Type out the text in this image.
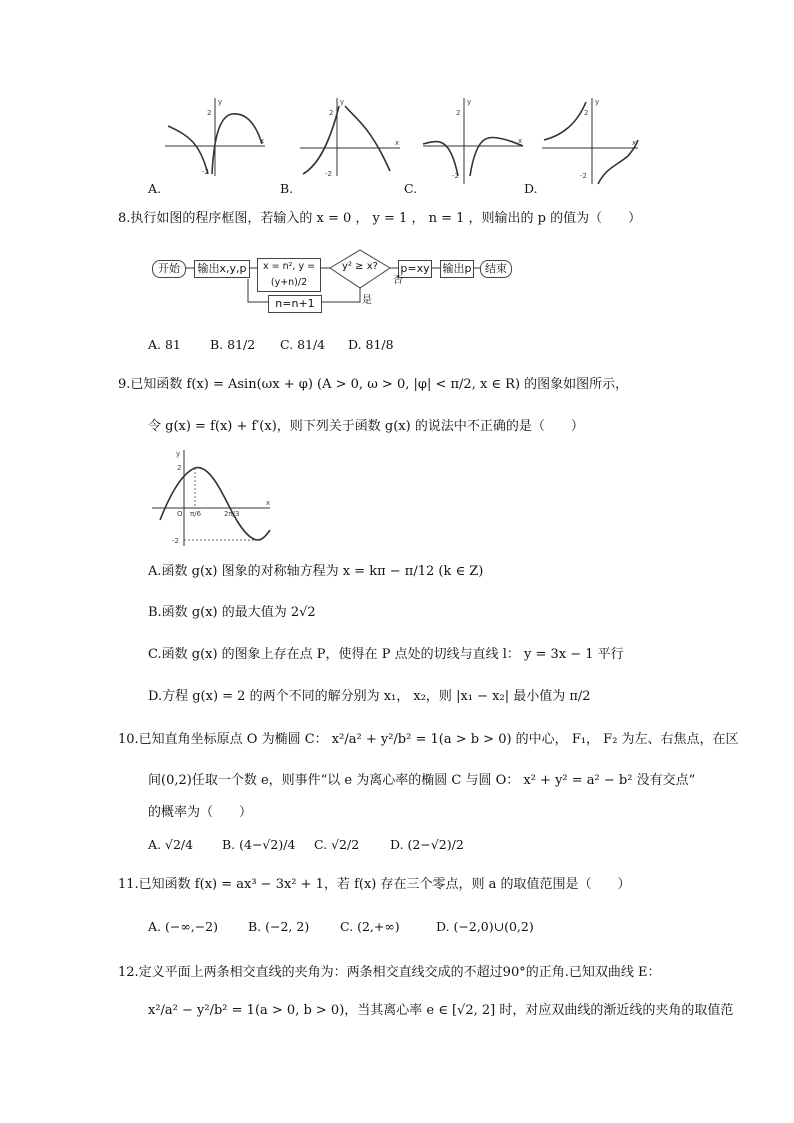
y
x
2
-2
y
x
2
-2
y
x
2
-2
y
x
2
-2
A.	B.	C.	D.
8.执行如图的程序框图，若输入的 x = 0 ， y = 1 ， n = 1 ，则输出的 p 的值为（　　）
开始	输出x,y,p	x = n², y = (y+n)/2
y² ≥ x?	p=xy 输出p	结束
n=n+1	是
否
A. 81 B. 81/2 C. 81/4 D. 81/8
9.已知函数 f(x) = Asin(ωx + φ) (A > 0, ω > 0, |φ| < π/2, x ∈ R) 的图象如图所示，
令 g(x) = f(x) + f′(x)，则下列关于函数 g(x) 的说法中不正确的是（　　）
y
x
2
-2
O π/6	2π/3
A.函数 g(x) 图象的对称轴方程为 x = kπ − π/12 (k ∈ Z)
B.函数 g(x) 的最大值为 2√2
C.函数 g(x) 的图象上存在点 P，使得在 P 点处的切线与直线 l： y = 3x − 1 平行
D.方程 g(x) = 2 的两个不同的解分别为 x₁， x₂，则 |x₁ − x₂| 最小值为 π/2
10.已知直角坐标原点 O 为椭圆 C： x²/a² + y²/b² = 1(a > b > 0) 的中心， F₁， F₂ 为左、右焦点，在区
间(0,2)任取一个数 e，则事件“以 e 为离心率的椭圆 C 与圆 O： x² + y² = a² − b² 没有交点”
的概率为（　　）
A. √2/4 B. (4−√2)/4 C. √2/2 D. (2−√2)/2
11.已知函数 f(x) = ax³ − 3x² + 1，若 f(x) 存在三个零点，则 a 的取值范围是（　　）
A. (−∞,−2) B. (−2, 2) C. (2,+∞)	D. (−2,0)∪(0,2)
12.定义平面上两条相交直线的夹角为：两条相交直线交成的不超过90°的正角.已知双曲线 E：
x²/a² − y²/b² = 1(a > 0, b > 0)，当其离心率 e ∈ [√2, 2] 时，对应双曲线的渐近线的夹角的取值范
